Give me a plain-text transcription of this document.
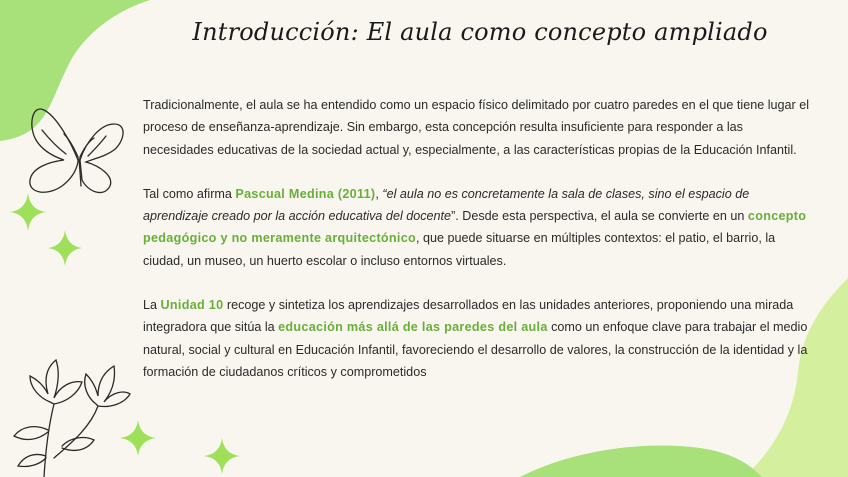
Introducción: El aula como concepto ampliado

Tradicionalmente, el aula se ha entendido como un espacio físico delimitado por cuatro paredes en el que tiene lugar el proceso de enseñanza-aprendizaje. Sin embargo, esta concepción resulta insuficiente para responder a las necesidades educativas de la sociedad actual y, especialmente, a las características propias de la Educación Infantil.

Tal como afirma Pascual Medina (2011), “el aula no es concretamente la sala de clases, sino el espacio de aprendizaje creado por la acción educativa del docente”. Desde esta perspectiva, el aula se convierte en un concepto pedagógico y no meramente arquitectónico, que puede situarse en múltiples contextos: el patio, el barrio, la ciudad, un museo, un huerto escolar o incluso entornos virtuales.

La Unidad 10 recoge y sintetiza los aprendizajes desarrollados en las unidades anteriores, proponiendo una mirada integradora que sitúa la educación más allá de las paredes del aula como un enfoque clave para trabajar el medio natural, social y cultural en Educación Infantil, favoreciendo el desarrollo de valores, la construcción de la identidad y la formación de ciudadanos críticos y comprometidos
